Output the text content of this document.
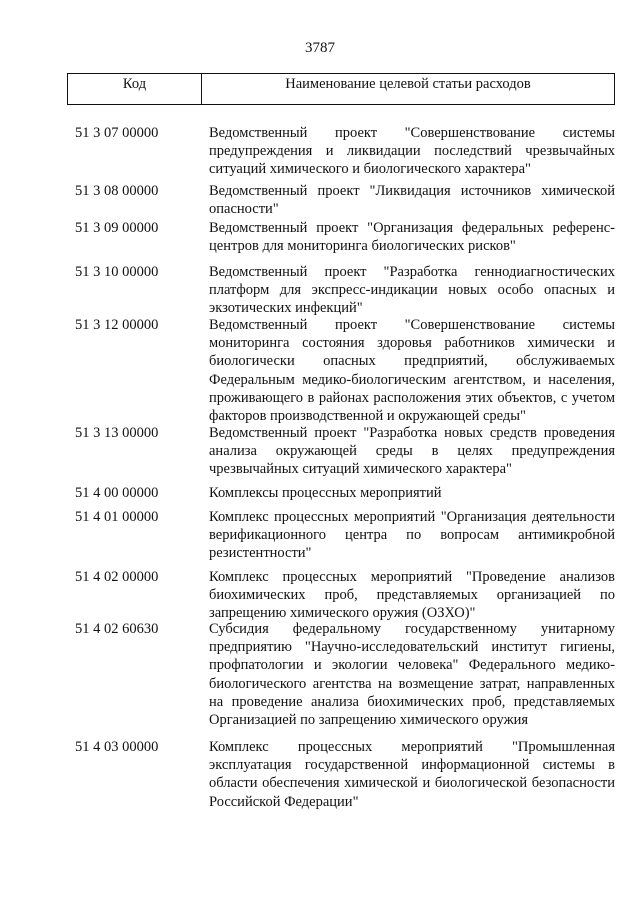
3787
Код	Наименование целевой статьи расходов
51 3 07 00000	Ведомственный проект "Совершенствование системы предупреждения и ликвидации последствий чрезвычайных ситуаций химического и биологического характера"
51 3 08 00000	Ведомственный проект "Ликвидация источников химической опасности"
51 3 09 00000	Ведомственный проект "Организация федеральных референс-центров для мониторинга биологических рисков"
51 3 10 00000	Ведомственный проект "Разработка геннодиагностических платформ для экспресс-индикации новых особо опасных и экзотических инфекций"
51 3 12 00000	Ведомственный проект "Совершенствование системы мониторинга состояния здоровья работников химически и биологически опасных предприятий, обслуживаемых Федеральным медико-биологическим агентством, и населения, проживающего в районах расположения этих объектов, с учетом факторов производственной и окружающей среды"
51 3 13 00000	Ведомственный проект "Разработка новых средств проведения анализа окружающей среды в целях предупреждения чрезвычайных ситуаций химического характера"
51 4 00 00000	Комплексы процессных мероприятий
51 4 01 00000	Комплекс процессных мероприятий "Организация деятельности верификационного центра по вопросам антимикробной резистентности"
51 4 02 00000	Комплекс процессных мероприятий "Проведение анализов биохимических проб, представляемых организацией по запрещению химического оружия (ОЗХО)"
51 4 02 60630	Субсидия федеральному государственному унитарному предприятию "Научно-исследовательский институт гигиены, профпатологии и экологии человека" Федерального медико-биологического агентства на возмещение затрат, направленных на проведение анализа биохимических проб, представляемых Организацией по запрещению химического оружия
51 4 03 00000	Комплекс процессных мероприятий "Промышленная эксплуатация государственной информационной системы в области обеспечения химической и биологической безопасности Российской Федерации"
